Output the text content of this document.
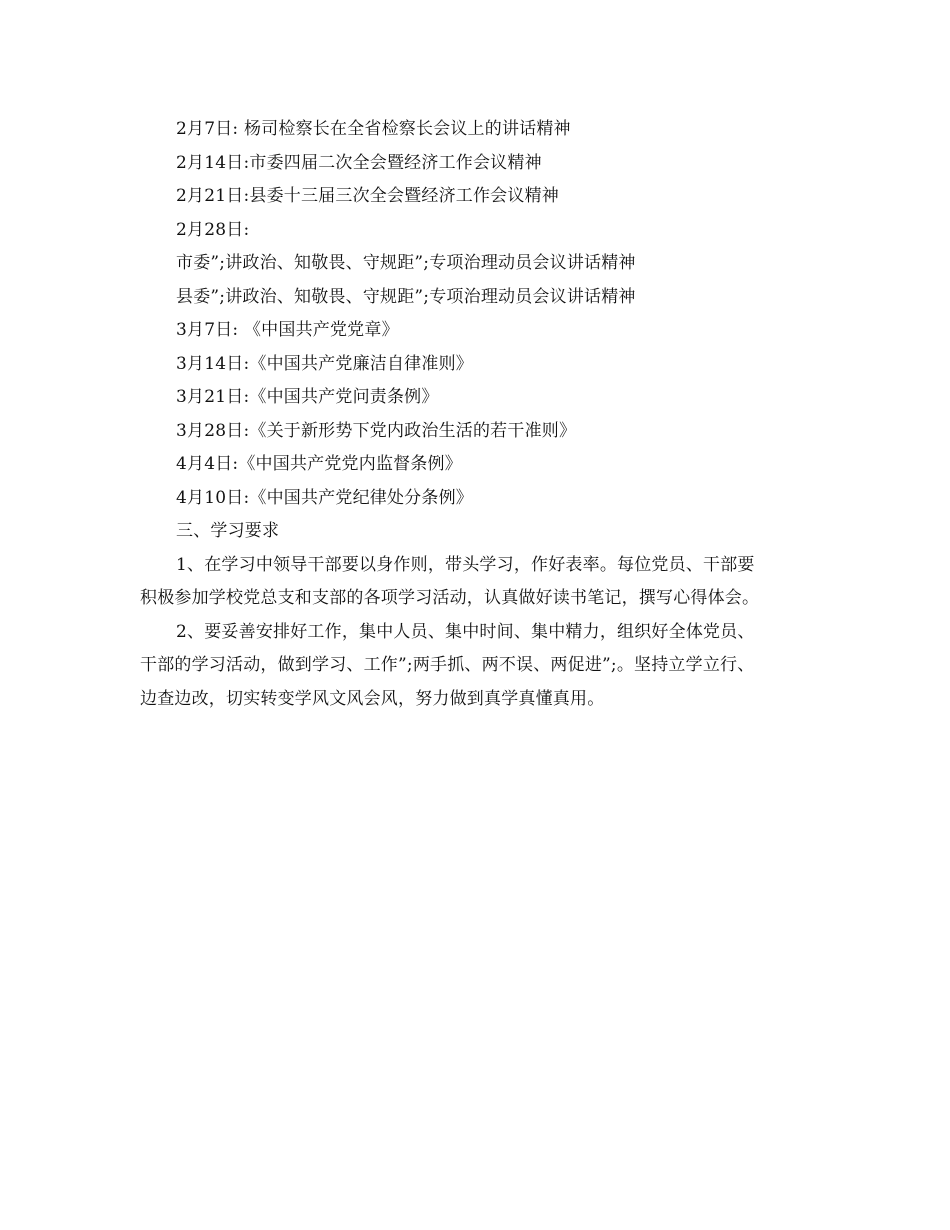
2月7日: 杨司检察长在全省检察长会议上的讲话精神
2月14日:市委四届二次全会暨经济工作会议精神
2月21日:县委十三届三次全会暨经济工作会议精神
2月28日:
市委”;讲政治、知敬畏、守规距”;专项治理动员会议讲话精神
县委”;讲政治、知敬畏、守规距”;专项治理动员会议讲话精神
3月7日: 《中国共产党党章》
3月14日:《中国共产党廉洁自律准则》
3月21日:《中国共产党问责条例》
3月28日:《关于新形势下党内政治生活的若干准则》
4月4日:《中国共产党党内监督条例》
4月10日:《中国共产党纪律处分条例》
三、学习要求
1、在学习中领导干部要以身作则，带头学习，作好表率。每位党员、干部要
积极参加学校党总支和支部的各项学习活动，认真做好读书笔记，撰写心得体会。
2、要妥善安排好工作，集中人员、集中时间、集中精力，组织好全体党员、
干部的学习活动，做到学习、工作”;两手抓、两不误、两促进”;。坚持立学立行、
边查边改，切实转变学风文风会风，努力做到真学真懂真用。
